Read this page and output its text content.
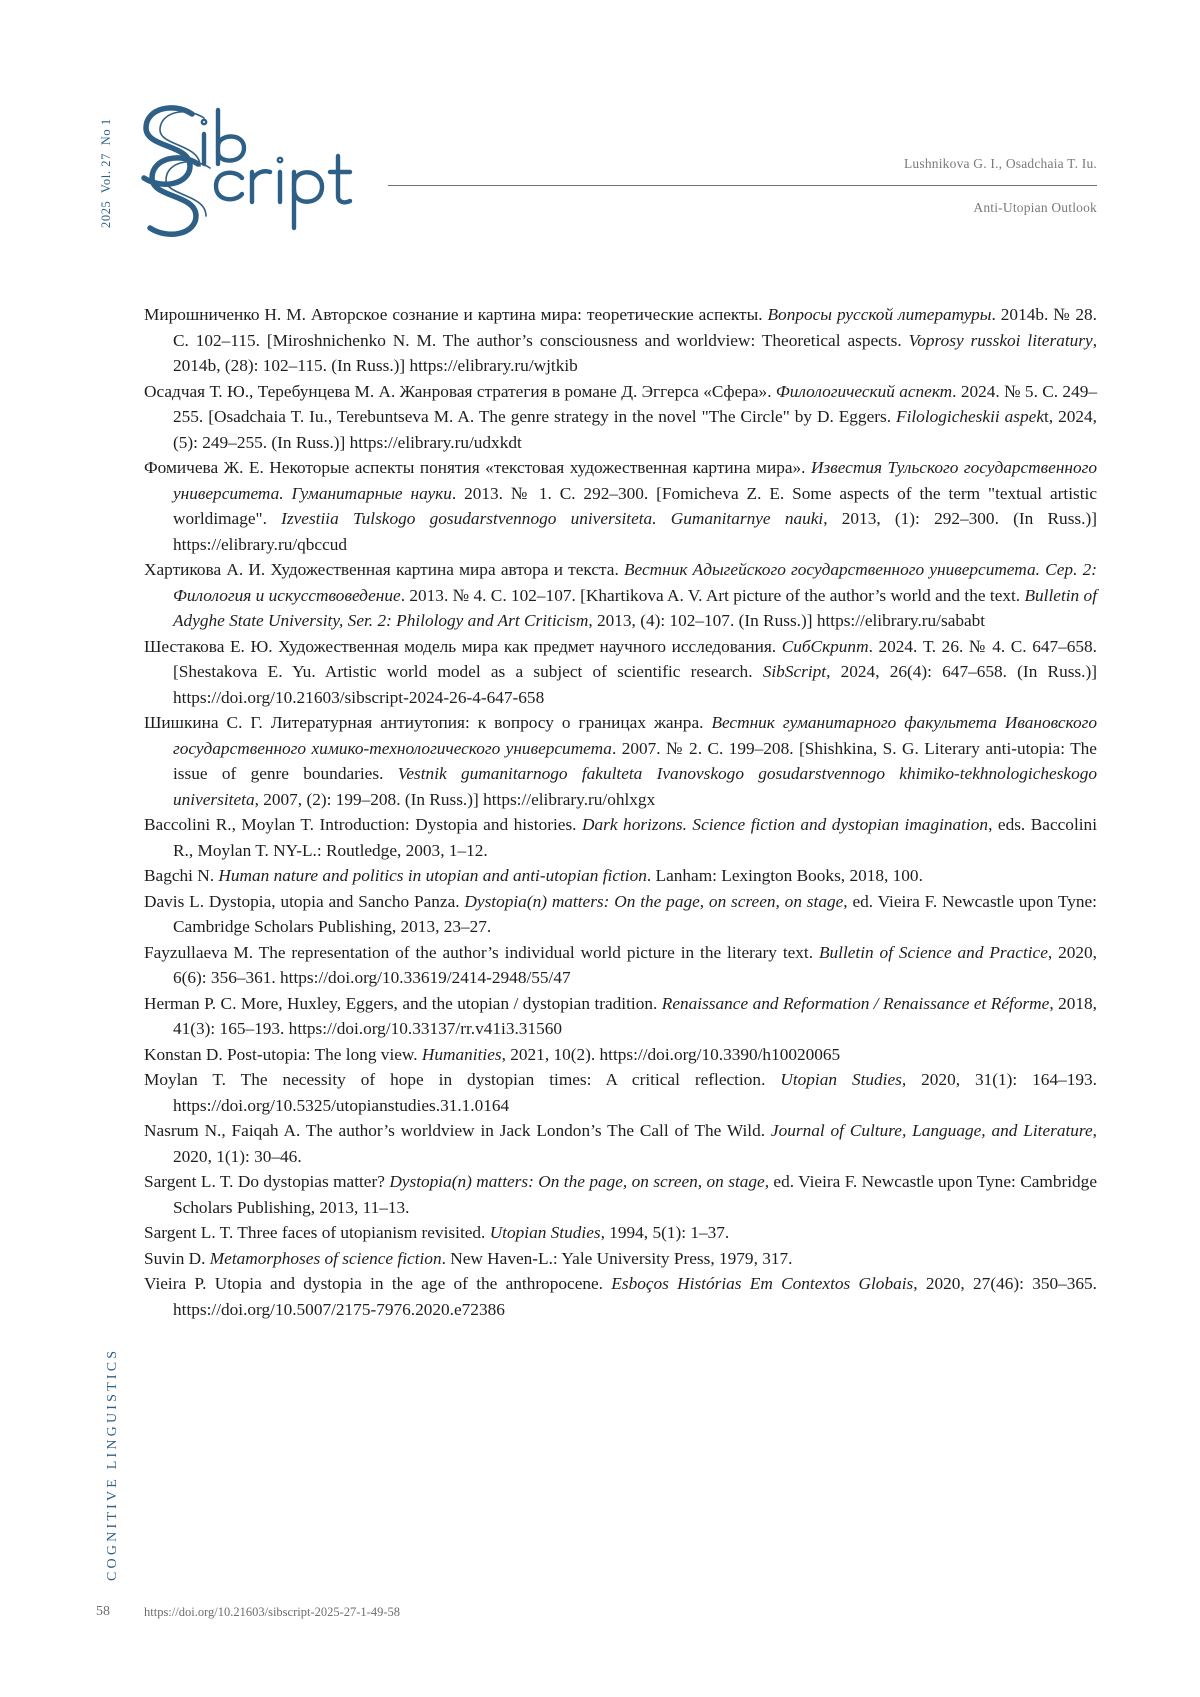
2025 Vol. 27 No 1
Lushnikova G. I., Osadchaia T. Iu.
Anti-Utopian Outlook
Мирошниченко Н. М. Авторское сознание и картина мира: теоретические аспекты. Вопросы русской литературы. 2014b. № 28. С. 102–115. [Miroshnichenko N. M. The author’s consciousness and worldview: Theoretical aspects. Voprosy russkoi literatury, 2014b, (28): 102–115. (In Russ.)] https://elibrary.ru/wjtkib
Осадчая Т. Ю., Теребунцева М. А. Жанровая стратегия в романе Д. Эггерса «Сфера». Филологический аспект. 2024. № 5. С. 249–255. [Osadchaia T. Iu., Terebuntseva M. A. The genre strategy in the novel "The Circle" by D. Eggers. Filologicheskii aspekt, 2024, (5): 249–255. (In Russ.)] https://elibrary.ru/udxkdt
Фомичева Ж. Е. Некоторые аспекты понятия «текстовая художественная картина мира». Известия Тульского государственного университета. Гуманитарные науки. 2013. № 1. С. 292–300. [Fomicheva Z. E. Some aspects of the term "textual artistic worldimage". Izvestiia Tulskogo gosudarstvennogo universiteta. Gumanitarnye nauki, 2013, (1): 292–300. (In Russ.)] https://elibrary.ru/qbccud
Хартикова А. И. Художественная картина мира автора и текста. Вестник Адыгейского государственного университета. Сер. 2: Филология и искусствоведение. 2013. № 4. С. 102–107. [Khartikova A. V. Art picture of the author’s world and the text. Bulletin of Adyghe State University, Ser. 2: Philology and Art Criticism, 2013, (4): 102–107. (In Russ.)] https://elibrary.ru/sababt
Шестакова Е. Ю. Художественная модель мира как предмет научного исследования. СибСкрипт. 2024. Т. 26. № 4. С. 647–658. [Shestakova E. Yu. Artistic world model as a subject of scientific research. SibScript, 2024, 26(4): 647–658. (In Russ.)] https://doi.org/10.21603/sibscript-2024-26-4-647-658
Шишкина С. Г. Литературная антиутопия: к вопросу о границах жанра. Вестник гуманитарного факультета Ивановского государственного химико-технологического университета. 2007. № 2. С. 199–208. [Shishkina, S. G. Literary anti-utopia: The issue of genre boundaries. Vestnik gumanitarnogo fakulteta Ivanovskogo gosudarstvennogo khimiko-tekhnologicheskogo universiteta, 2007, (2): 199–208. (In Russ.)] https://elibrary.ru/ohlxgx
Baccolini R., Moylan T. Introduction: Dystopia and histories. Dark horizons. Science fiction and dystopian imagination, eds. Baccolini R., Moylan T. NY-L.: Routledge, 2003, 1–12.
Bagchi N. Human nature and politics in utopian and anti-utopian fiction. Lanham: Lexington Books, 2018, 100.
Davis L. Dystopia, utopia and Sancho Panza. Dystopia(n) matters: On the page, on screen, on stage, ed. Vieira F. Newcastle upon Tyne: Cambridge Scholars Publishing, 2013, 23–27.
Fayzullaeva M. The representation of the author’s individual world picture in the literary text. Bulletin of Science and Practice, 2020, 6(6): 356–361. https://doi.org/10.33619/2414-2948/55/47
Herman P. C. More, Huxley, Eggers, and the utopian / dystopian tradition. Renaissance and Reformation / Renaissance et Réforme, 2018, 41(3): 165–193. https://doi.org/10.33137/rr.v41i3.31560
Konstan D. Post-utopia: The long view. Humanities, 2021, 10(2). https://doi.org/10.3390/h10020065
Moylan T. The necessity of hope in dystopian times: A critical reflection. Utopian Studies, 2020, 31(1): 164–193. https://doi.org/10.5325/utopianstudies.31.1.0164
Nasrum N., Faiqah A. The author’s worldview in Jack London’s The Call of The Wild. Journal of Culture, Language, and Literature, 2020, 1(1): 30–46.
Sargent L. T. Do dystopias matter? Dystopia(n) matters: On the page, on screen, on stage, ed. Vieira F. Newcastle upon Tyne: Cambridge Scholars Publishing, 2013, 11–13.
Sargent L. T. Three faces of utopianism revisited. Utopian Studies, 1994, 5(1): 1–37.
Suvin D. Metamorphoses of science fiction. New Haven-L.: Yale University Press, 1979, 317.
Vieira P. Utopia and dystopia in the age of the anthropocene. Esboços Histórias Em Contextos Globais, 2020, 27(46): 350–365. https://doi.org/10.5007/2175-7976.2020.e72386
COGNITIVE LINGUISTICS
58	https://doi.org/10.21603/sibscript-2025-27-1-49-58
